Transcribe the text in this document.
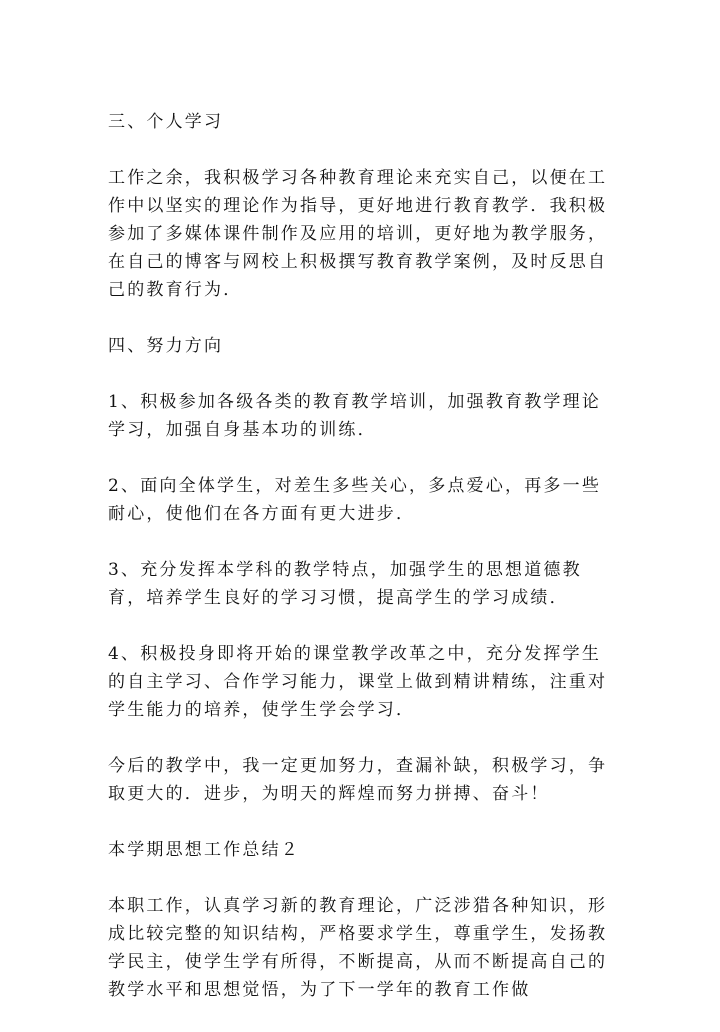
三、个人学习

工作之余，我积极学习各种教育理论来充实自己，以便在工作中以坚实的理论作为指导，更好地进行教育教学．我积极参加了多媒体课件制作及应用的培训，更好地为教学服务，在自己的博客与网校上积极撰写教育教学案例，及时反思自己的教育行为．

四、努力方向

1、积极参加各级各类的教育教学培训，加强教育教学理论学习，加强自身基本功的训练．

2、面向全体学生，对差生多些关心，多点爱心，再多一些耐心，使他们在各方面有更大进步．

3、充分发挥本学科的教学特点，加强学生的思想道德教育，培养学生良好的学习习惯，提高学生的学习成绩．

4、积极投身即将开始的课堂教学改革之中，充分发挥学生的自主学习、合作学习能力，课堂上做到精讲精练，注重对学生能力的培养，使学生学会学习．

今后的教学中，我一定更加努力，查漏补缺，积极学习，争取更大的．进步，为明天的辉煌而努力拼搏、奋斗！

本学期思想工作总结２

本职工作，认真学习新的教育理论，广泛涉猎各种知识，形成比较完整的知识结构，严格要求学生，尊重学生，发扬教学民主，使学生学有所得，不断提高，从而不断提高自己的教学水平和思想觉悟，为了下一学年的教育工作做
